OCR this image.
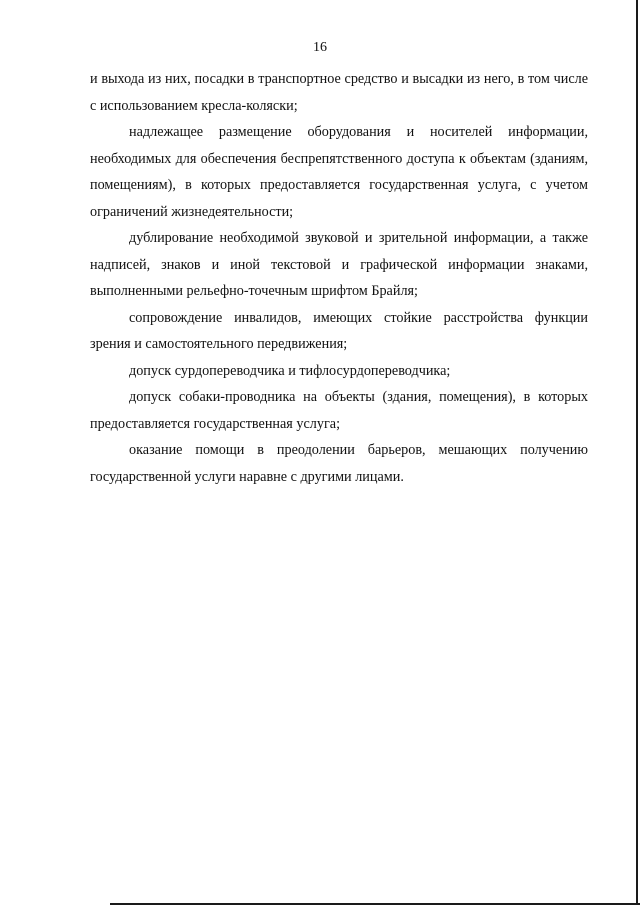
16

и выхода из них, посадки в транспортное средство и высадки из него, в том числе с использованием кресла-коляски;

надлежащее размещение оборудования и носителей информации, необходимых для обеспечения беспрепятственного доступа к объектам (зданиям, помещениям), в которых предоставляется государственная услуга, с учетом ограничений жизнедеятельности;

дублирование необходимой звуковой и зрительной информации, а также надписей, знаков и иной текстовой и графической информации знаками, выполненными рельефно-точечным шрифтом Брайля;

сопровождение инвалидов, имеющих стойкие расстройства функции зрения и самостоятельного передвижения;

допуск сурдопереводчика и тифлосурдопереводчика;

допуск собаки-проводника на объекты (здания, помещения), в которых предоставляется государственная услуга;

оказание помощи в преодолении барьеров, мешающих получению государственной услуги наравне с другими лицами.
